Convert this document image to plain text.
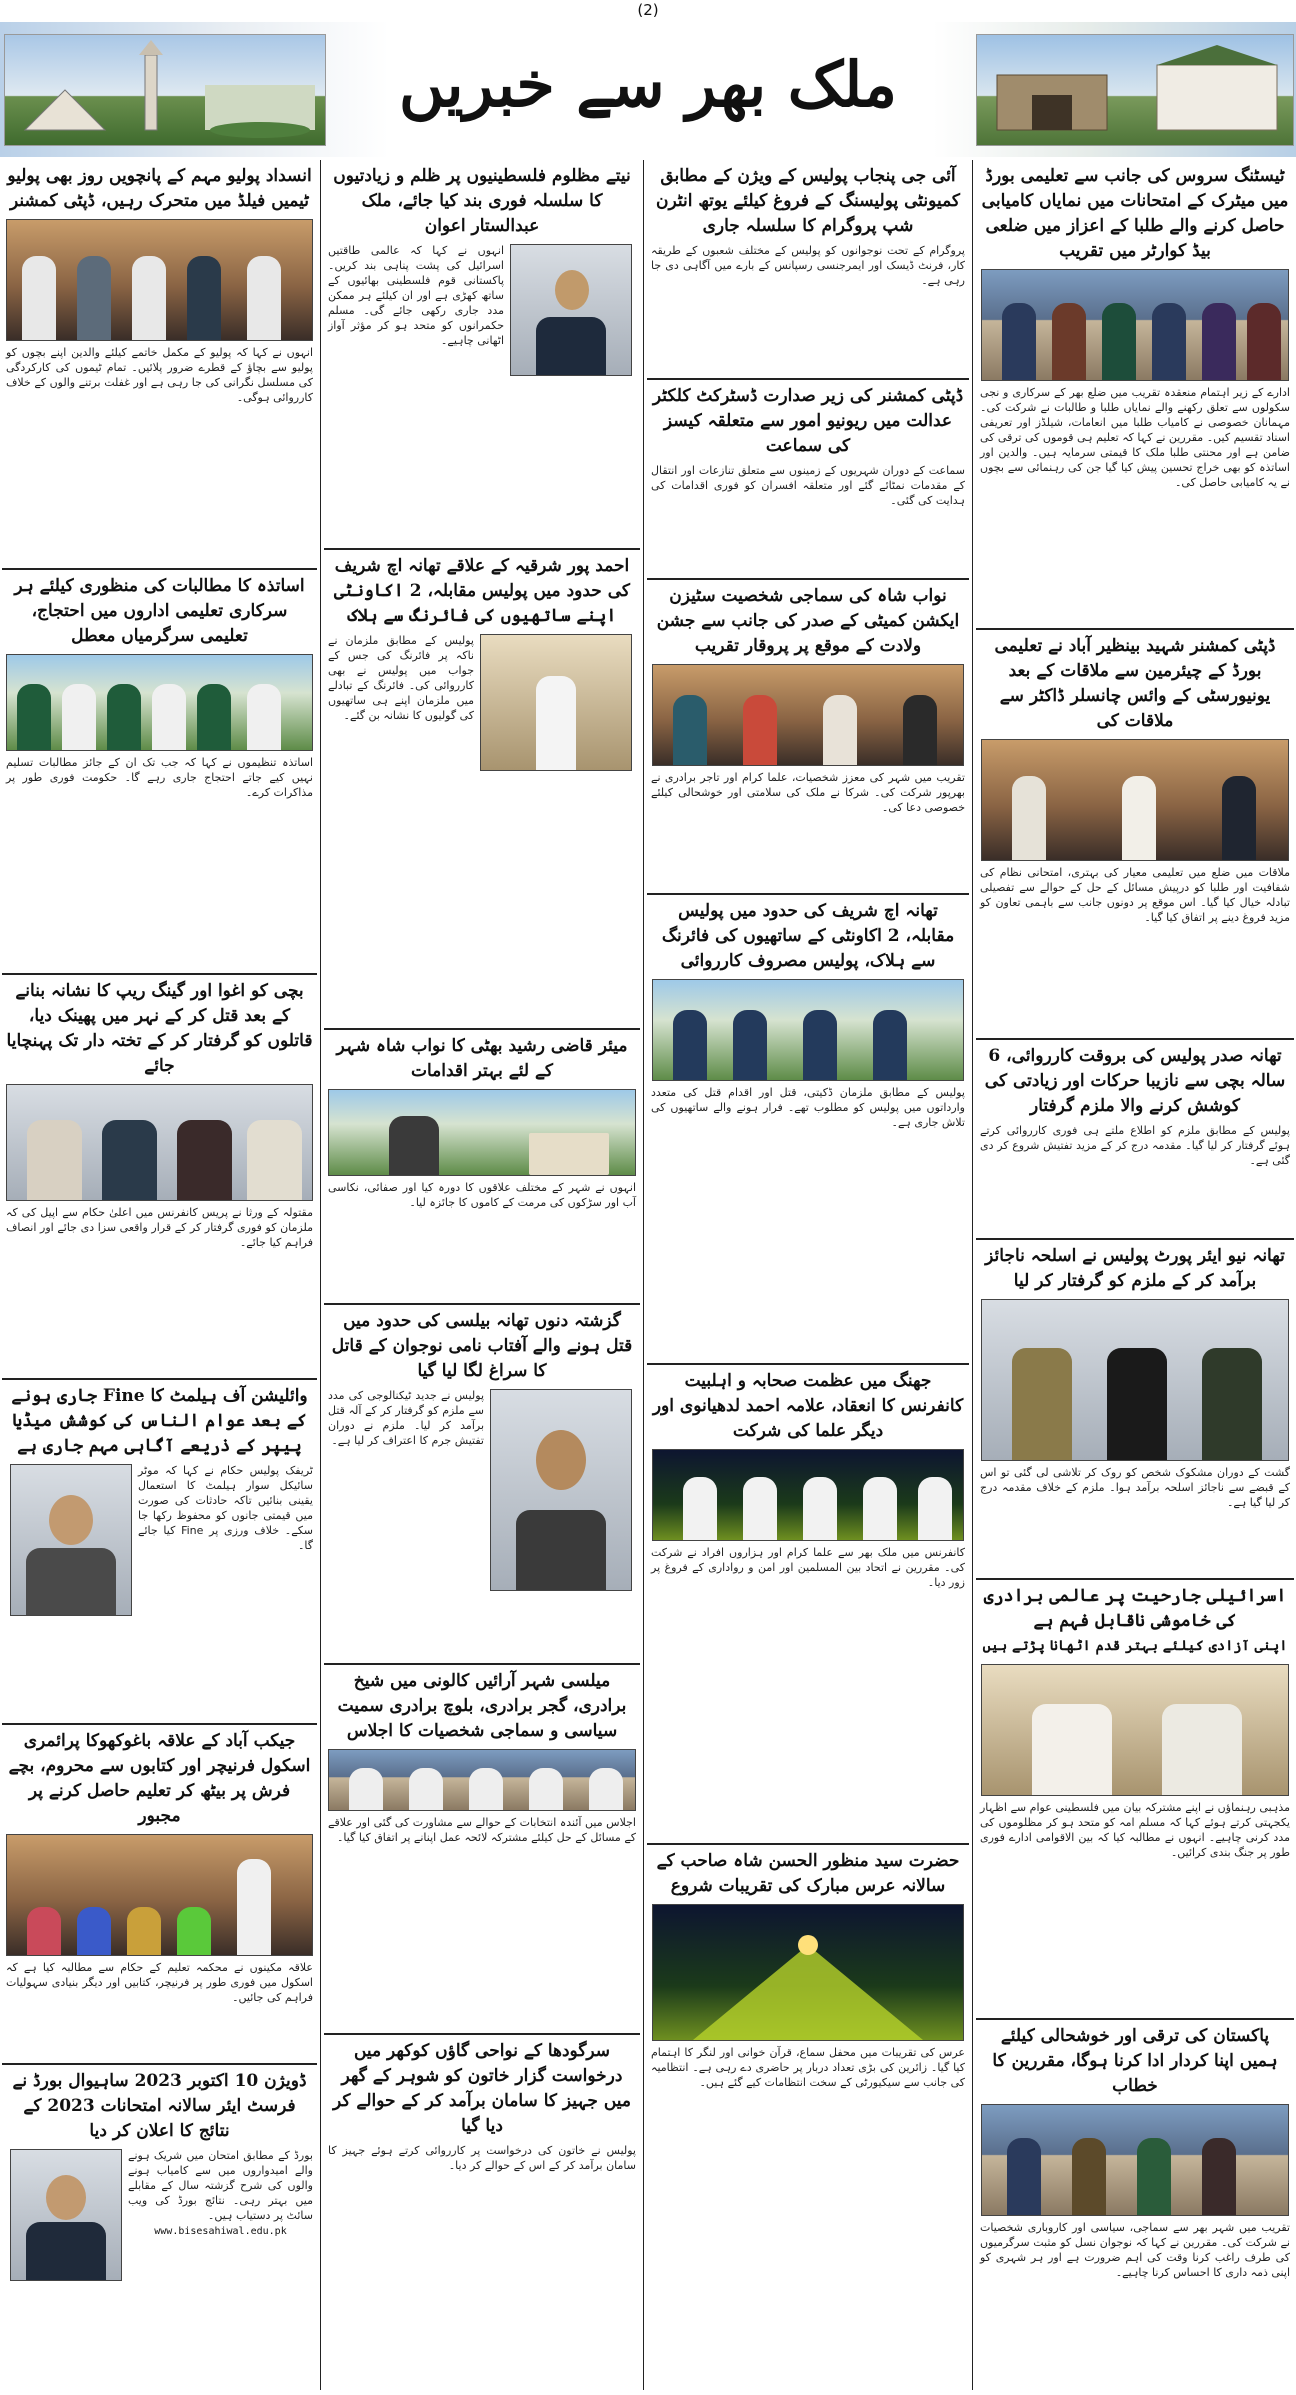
(2)
ملک بھر سے خبریں
ٹیسٹنگ سروس کی جانب سے تعلیمی بورڈ میں میٹرک کے امتحانات میں نمایاں کامیابی حاصل کرنے والے طلبا کے اعزاز میں ضلعی بیڈ کوارٹر میں تقریب
ادارے کے زیر اہتمام منعقدہ تقریب میں ضلع بھر کے سرکاری و نجی سکولوں سے تعلق رکھنے والے نمایاں طلبا و طالبات نے شرکت کی۔ مہمانان خصوصی نے کامیاب طلبا میں انعامات، شیلڈز اور تعریفی اسناد تقسیم کیں۔ مقررین نے کہا کہ تعلیم ہی قوموں کی ترقی کی ضامن ہے اور محنتی طلبا ملک کا قیمتی سرمایہ ہیں۔ والدین اور اساتذہ کو بھی خراج تحسین پیش کیا گیا جن کی رہنمائی سے بچوں نے یہ کامیابی حاصل کی۔
ڈپٹی کمشنر شہید بینظیر آباد نے تعلیمی بورڈ کے چیئرمین سے ملاقات کے بعد یونیورسٹی کے وائس چانسلر ڈاکٹر سے ملاقات کی
ملاقات میں ضلع میں تعلیمی معیار کی بہتری، امتحانی نظام کی شفافیت اور طلبا کو درپیش مسائل کے حل کے حوالے سے تفصیلی تبادلہ خیال کیا گیا۔ اس موقع پر دونوں جانب سے باہمی تعاون کو مزید فروغ دینے پر اتفاق کیا گیا۔
تھانہ صدر پولیس کی بروقت کارروائی، 6 سالہ بچی سے نازیبا حرکات اور زیادتی کی کوشش کرنے والا ملزم گرفتار
پولیس کے مطابق ملزم کو اطلاع ملتے ہی فوری کارروائی کرتے ہوئے گرفتار کر لیا گیا۔ مقدمہ درج کر کے مزید تفتیش شروع کر دی گئی ہے۔
تھانہ نیو ایئر پورٹ پولیس نے اسلحہ ناجائز برآمد کر کے ملزم کو گرفتار کر لیا
گشت کے دوران مشکوک شخص کو روک کر تلاشی لی گئی تو اس کے قبضے سے ناجائز اسلحہ برآمد ہوا۔ ملزم کے خلاف مقدمہ درج کر لیا گیا ہے۔
اسرائیلی جارحیت پر عالمی برادری کی خاموشی ناقابل فہم ہے
اپنی آزادی کیلئے بہتر قدم اٹھانا پڑتے ہیں
مذہبی رہنماؤں نے اپنے مشترکہ بیان میں فلسطینی عوام سے اظہار یکجہتی کرتے ہوئے کہا کہ مسلم امہ کو متحد ہو کر مظلوموں کی مدد کرنی چاہیے۔ انہوں نے مطالبہ کیا کہ بین الاقوامی ادارے فوری طور پر جنگ بندی کرائیں۔
پاکستان کی ترقی اور خوشحالی کیلئے ہمیں اپنا کردار ادا کرنا ہوگا، مقررین کا خطاب
تقریب میں شہر بھر سے سماجی، سیاسی اور کاروباری شخصیات نے شرکت کی۔ مقررین نے کہا کہ نوجوان نسل کو مثبت سرگرمیوں کی طرف راغب کرنا وقت کی اہم ضرورت ہے اور ہر شہری کو اپنی ذمہ داری کا احساس کرنا چاہیے۔
آئی جی پنجاب پولیس کے ویژن کے مطابق کمیونٹی پولیسنگ کے فروغ کیلئے یوتھ انٹرن شپ پروگرام کا سلسلہ جاری
پروگرام کے تحت نوجوانوں کو پولیس کے مختلف شعبوں کے طریقہ کار، فرنٹ ڈیسک اور ایمرجنسی رسپانس کے بارے میں آگاہی دی جا رہی ہے۔
ڈپٹی کمشنر کی زیر صدارت ڈسٹرکٹ کلکٹر عدالت میں ریونیو امور سے متعلقہ کیسز کی سماعت
سماعت کے دوران شہریوں کے زمینوں سے متعلق تنازعات اور انتقال کے مقدمات نمٹائے گئے اور متعلقہ افسران کو فوری اقدامات کی ہدایت کی گئی۔
نواب شاہ کی سماجی شخصیت سٹیزن ایکشن کمیٹی کے صدر کی جانب سے جشن ولادت کے موقع پر پروقار تقریب
تقریب میں شہر کی معزز شخصیات، علما کرام اور تاجر برادری نے بھرپور شرکت کی۔ شرکا نے ملک کی سلامتی اور خوشحالی کیلئے خصوصی دعا کی۔
تھانہ اچ شریف کی حدود میں پولیس مقابلہ، 2 اکاونٹی کے ساتھیوں کی فائرنگ سے ہلاک، پولیس مصروف کارروائی
پولیس کے مطابق ملزمان ڈکیتی، قتل اور اقدام قتل کی متعدد وارداتوں میں پولیس کو مطلوب تھے۔ فرار ہونے والے ساتھیوں کی تلاش جاری ہے۔
جھنگ میں عظمت صحابہ و اہلبیت کانفرنس کا انعقاد، علامہ احمد لدھیانوی اور دیگر علما کی شرکت
کانفرنس میں ملک بھر سے علما کرام اور ہزاروں افراد نے شرکت کی۔ مقررین نے اتحاد بین المسلمین اور امن و رواداری کے فروغ پر زور دیا۔
حضرت سید منظور الحسن شاہ صاحب کے سالانہ عرس مبارک کی تقریبات شروع
عرس کی تقریبات میں محفل سماع، قرآن خوانی اور لنگر کا اہتمام کیا گیا۔ زائرین کی بڑی تعداد دربار پر حاضری دے رہی ہے۔ انتظامیہ کی جانب سے سیکیورٹی کے سخت انتظامات کیے گئے ہیں۔
نیتے مظلوم فلسطینیوں پر ظلم و زیادتیوں کا سلسلہ فوری بند کیا جائے، ملک عبدالستار اعوان
انہوں نے کہا کہ عالمی طاقتیں اسرائیل کی پشت پناہی بند کریں۔ پاکستانی قوم فلسطینی بھائیوں کے ساتھ کھڑی ہے اور ان کیلئے ہر ممکن مدد جاری رکھی جائے گی۔ مسلم حکمرانوں کو متحد ہو کر مؤثر آواز اٹھانی چاہیے۔
احمد پور شرقیہ کے علاقے تھانہ اچ شریف کی حدود میں پولیس مقابلہ، 2 اکاونٹی اپنے ساتھیوں کی فائرنگ سے ہلاک
پولیس کے مطابق ملزمان نے ناکہ پر فائرنگ کی جس کے جواب میں پولیس نے بھی کارروائی کی۔ فائرنگ کے تبادلے میں ملزمان اپنے ہی ساتھیوں کی گولیوں کا نشانہ بن گئے۔
میئر قاضی رشید بھٹی کا نواب شاہ شہر کے لئے بہتر اقدامات
انہوں نے شہر کے مختلف علاقوں کا دورہ کیا اور صفائی، نکاسی آب اور سڑکوں کی مرمت کے کاموں کا جائزہ لیا۔
گزشتہ دنوں تھانہ بیلسی کی حدود میں قتل ہونے والے آفتاب نامی نوجوان کے قاتل کا سراغ لگا لیا گیا
پولیس نے جدید ٹیکنالوجی کی مدد سے ملزم کو گرفتار کر کے آلہ قتل برآمد کر لیا۔ ملزم نے دوران تفتیش جرم کا اعتراف کر لیا ہے۔
میلسی شہر آرائیں کالونی میں شیخ برادری، گجر برادری، بلوچ برادری سمیت سیاسی و سماجی شخصیات کا اجلاس
اجلاس میں آئندہ انتخابات کے حوالے سے مشاورت کی گئی اور علاقے کے مسائل کے حل کیلئے مشترکہ لائحہ عمل اپنانے پر اتفاق کیا گیا۔
سرگودھا کے نواحی گاؤں کوکھر میں درخواست گزار خاتون کو شوہر کے گھر میں جہیز کا سامان برآمد کر کے حوالے کر دیا گیا
پولیس نے خاتون کی درخواست پر کارروائی کرتے ہوئے جہیز کا سامان برآمد کر کے اس کے حوالے کر دیا۔
انسداد پولیو مہم کے پانچویں روز بھی پولیو ٹیمیں فیلڈ میں متحرک رہیں، ڈپٹی کمشنر
انہوں نے کہا کہ پولیو کے مکمل خاتمے کیلئے والدین اپنے بچوں کو پولیو سے بچاؤ کے قطرے ضرور پلائیں۔ تمام ٹیموں کی کارکردگی کی مسلسل نگرانی کی جا رہی ہے اور غفلت برتنے والوں کے خلاف کارروائی ہوگی۔
اساتذہ کا مطالبات کی منظوری کیلئے ہر سرکاری تعلیمی اداروں میں احتجاج، تعلیمی سرگرمیاں معطل
اساتذہ تنظیموں نے کہا کہ جب تک ان کے جائز مطالبات تسلیم نہیں کیے جاتے احتجاج جاری رہے گا۔ حکومت فوری طور پر مذاکرات کرے۔
بچی کو اغوا اور گینگ ریپ کا نشانہ بنانے کے بعد قتل کر کے نہر میں پھینک دیا، قاتلوں کو گرفتار کر کے تختہ دار تک پہنچایا جائے
مقتولہ کے ورثا نے پریس کانفرنس میں اعلیٰ حکام سے اپیل کی کہ ملزمان کو فوری گرفتار کر کے قرار واقعی سزا دی جائے اور انصاف فراہم کیا جائے۔
وائلیشن آف ہیلمٹ کا Fine جاری ہونے کے بعد عوام الناس کی کوشش میڈیا پیپر کے ذریعے آگاہی مہم جاری ہے
ٹریفک پولیس حکام نے کہا کہ موٹر سائیکل سوار ہیلمٹ کا استعمال یقینی بنائیں تاکہ حادثات کی صورت میں قیمتی جانوں کو محفوظ رکھا جا سکے۔ خلاف ورزی پر Fine کیا جائے گا۔
جیکب آباد کے علاقہ باغوکھوکا پرائمری اسکول فرنیچر اور کتابوں سے محروم، بچے فرش پر بیٹھ کر تعلیم حاصل کرنے پر مجبور
علاقہ مکینوں نے محکمہ تعلیم کے حکام سے مطالبہ کیا ہے کہ اسکول میں فوری طور پر فرنیچر، کتابیں اور دیگر بنیادی سہولیات فراہم کی جائیں۔
ڈویژن 10 اکتوبر 2023 ساہیوال بورڈ نے فرسٹ ایئر سالانہ امتحانات 2023 کے نتائج کا اعلان کر دیا
بورڈ کے مطابق امتحان میں شریک ہونے والے امیدواروں میں سے کامیاب ہونے والوں کی شرح گزشتہ سال کے مقابلے میں بہتر رہی۔ نتائج بورڈ کی ویب سائٹ پر دستیاب ہیں۔
www.bisesahiwal.edu.pk
